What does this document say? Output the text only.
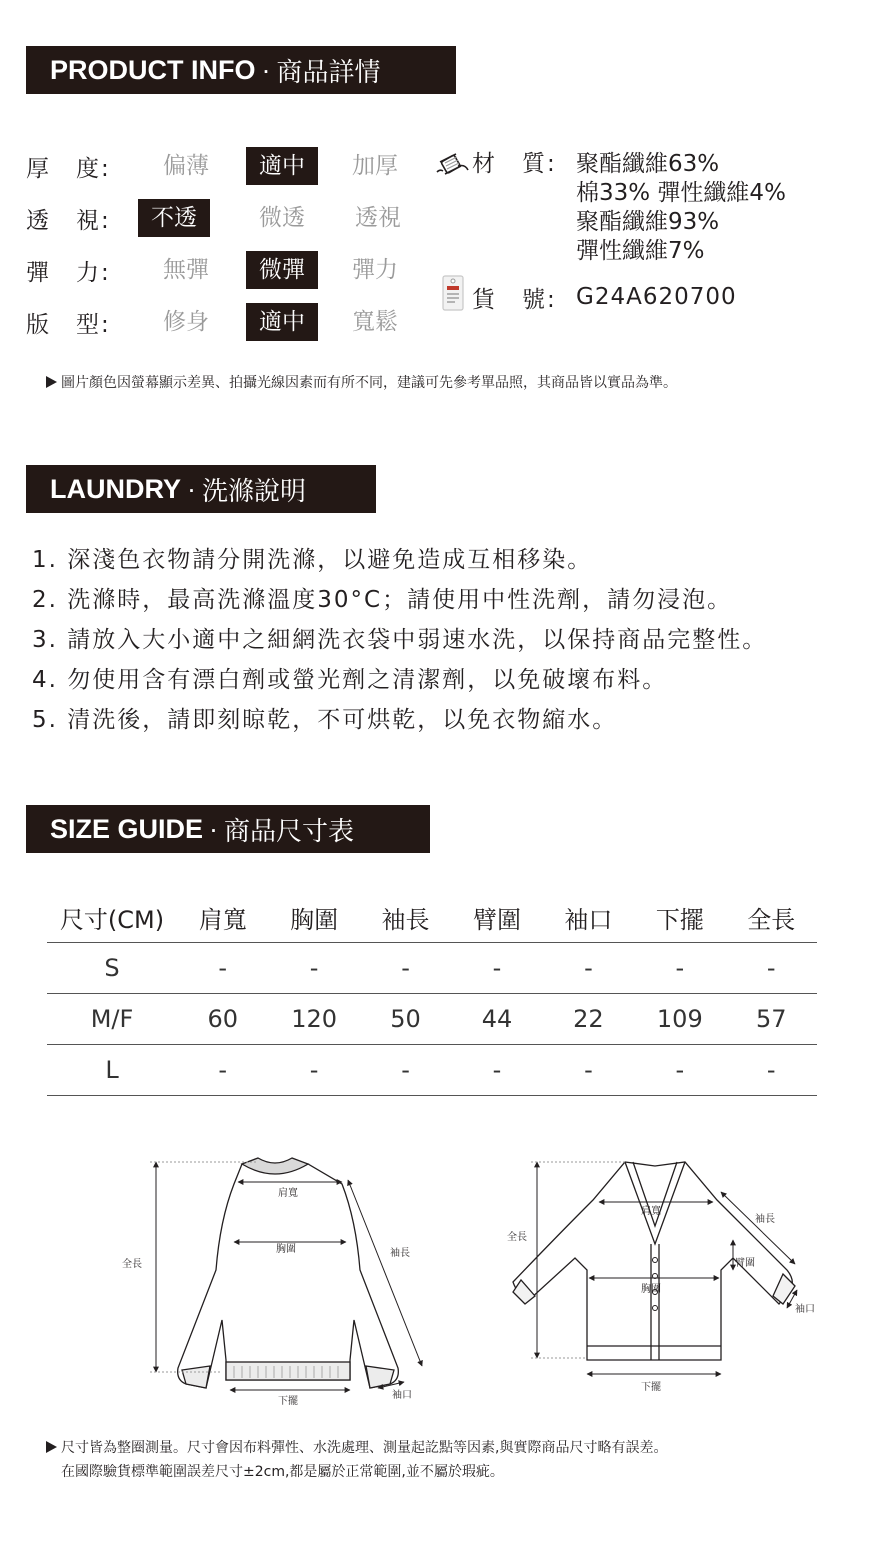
PRODUCT INFO · 商品詳情
厚　度:	偏薄	適中	加厚
透　視:	不透	微透	透視
彈　力:	無彈	微彈	彈力
版　型:	修身	適中	寬鬆
材　質: 聚酯纖維63%
棉33% 彈性纖維4%
聚酯纖維93%
彈性纖維7%
貨　號: G24A620700
圖片顏色因螢幕顯示差異、拍攝光線因素而有所不同，建議可先參考單品照，其商品皆以實品為準。
LAUNDRY · 洗滌說明
1. 深淺色衣物請分開洗滌，以避免造成互相移染。
2. 洗滌時，最高洗滌溫度30°C；請使用中性洗劑，請勿浸泡。
3. 請放入大小適中之細網洗衣袋中弱速水洗，以保持商品完整性。
4. 勿使用含有漂白劑或螢光劑之清潔劑，以免破壞布料。
5. 清洗後，請即刻晾乾，不可烘乾，以免衣物縮水。
SIZE GUIDE · 商品尺寸表
尺寸(CM)	肩寬	胸圍	袖長	臂圍	袖口	下擺	全長
S	-	-	-	-	-	-	-
M/F	60	120	50	44	22	109	57
L	-	-	-	-	-	-	-
肩寬
胸圍	袖長
全長
下擺
袖口
肩寬
袖長
臂圍
全長
胸圍
袖口
下擺
尺寸皆為整圈測量。尺寸會因布料彈性、水洗處理、測量起訖點等因素,與實際商品尺寸略有誤差。
在國際驗貨標準範圍誤差尺寸±2cm,都是屬於正常範圍,並不屬於瑕疵。
